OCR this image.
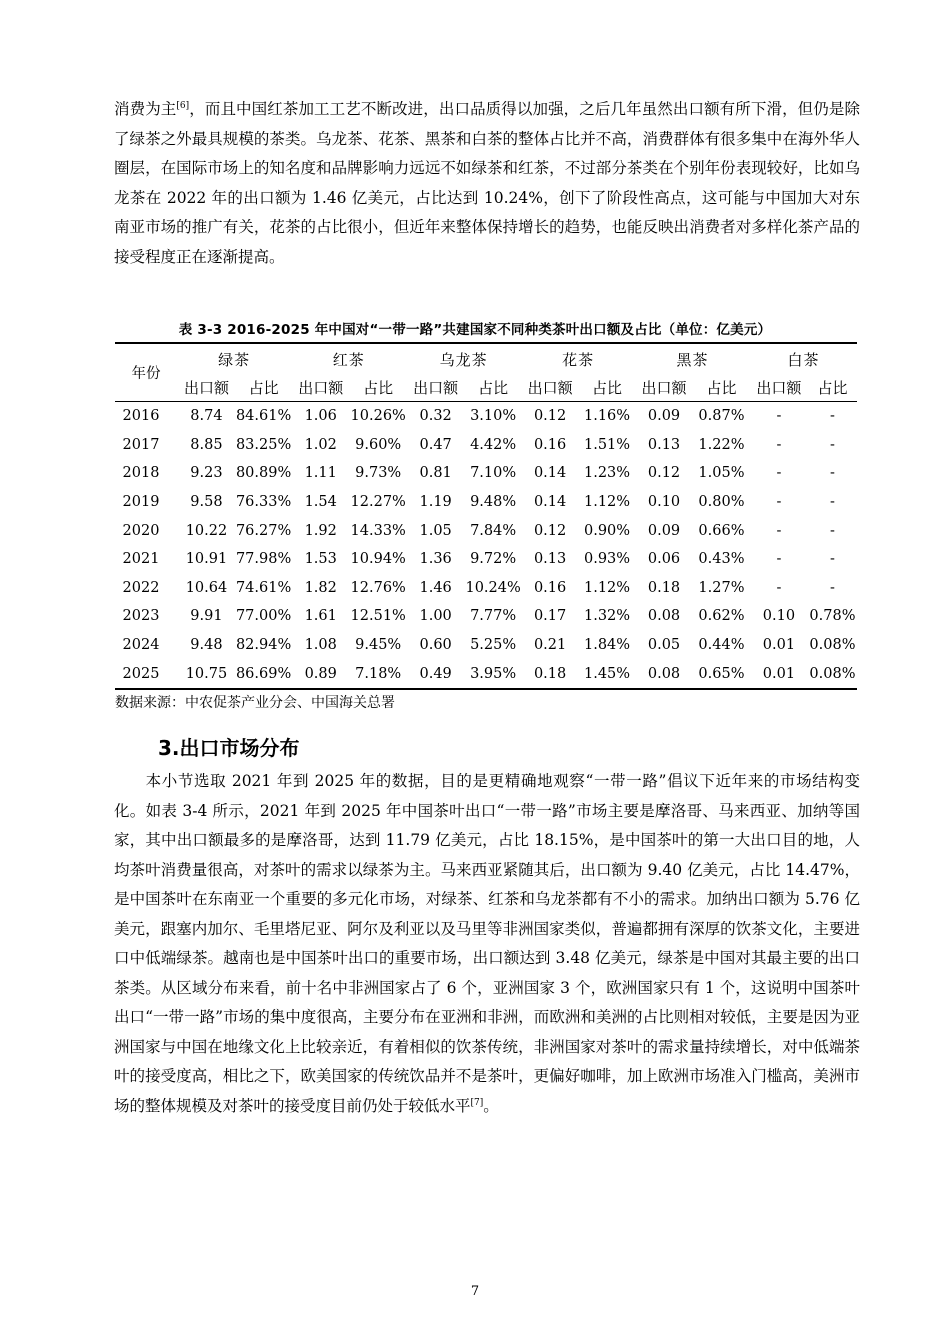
消费为主[6]，而且中国红茶加工工艺不断改进，出口品质得以加强，之后几年虽然出口额有所下滑，但仍是除了绿茶之外最具规模的茶类。乌龙茶、花茶、黑茶和白茶的整体占比并不高，消费群体有很多集中在海外华人圈层，在国际市场上的知名度和品牌影响力远远不如绿茶和红茶，不过部分茶类在个别年份表现较好，比如乌龙茶在 2022 年的出口额为 1.46 亿美元，占比达到 10.24%，创下了阶段性高点，这可能与中国加大对东南亚市场的推广有关，花茶的占比很小，但近年来整体保持增长的趋势，也能反映出消费者对多样化茶产品的接受程度正在逐渐提高。

表 3-3 2016-2025 年中国对“一带一路”共建国家不同种类茶叶出口额及占比（单位：亿美元）
年份	绿茶		红茶		乌龙茶		花茶		黑茶		白茶	
	出口额	占比	出口额	占比	出口额	占比	出口额	占比	出口额	占比	出口额	占比
2016	8.74	84.61%	1.06	10.26%	0.32	3.10%	0.12	1.16%	0.09	0.87%	-	-
2017	8.85	83.25%	1.02	9.60%	0.47	4.42%	0.16	1.51%	0.13	1.22%	-	-
2018	9.23	80.89%	1.11	9.73%	0.81	7.10%	0.14	1.23%	0.12	1.05%	-	-
2019	9.58	76.33%	1.54	12.27%	1.19	9.48%	0.14	1.12%	0.10	0.80%	-	-
2020	10.22	76.27%	1.92	14.33%	1.05	7.84%	0.12	0.90%	0.09	0.66%	-	-
2021	10.91	77.98%	1.53	10.94%	1.36	9.72%	0.13	0.93%	0.06	0.43%	-	-
2022	10.64	74.61%	1.82	12.76%	1.46	10.24%	0.16	1.12%	0.18	1.27%	-	-
2023	9.91	77.00%	1.61	12.51%	1.00	7.77%	0.17	1.32%	0.08	0.62%	0.10	0.78%
2024	9.48	82.94%	1.08	9.45%	0.60	5.25%	0.21	1.84%	0.05	0.44%	0.01	0.08%
2025	10.75	86.69%	0.89	7.18%	0.49	3.95%	0.18	1.45%	0.08	0.65%	0.01	0.08%
数据来源：中农促茶产业分会、中国海关总署
3.出口市场分布

本小节选取 2021 年到 2025 年的数据，目的是更精确地观察“一带一路”倡议下近年来的市场结构变化。如表 3-4 所示，2021 年到 2025 年中国茶叶出口“一带一路”市场主要是摩洛哥、马来西亚、加纳等国家，其中出口额最多的是摩洛哥，达到 11.79 亿美元，占比 18.15%，是中国茶叶的第一大出口目的地，人均茶叶消费量很高，对茶叶的需求以绿茶为主。马来西亚紧随其后，出口额为 9.40 亿美元，占比 14.47%，是中国茶叶在东南亚一个重要的多元化市场，对绿茶、红茶和乌龙茶都有不小的需求。加纳出口额为 5.76 亿美元，跟塞内加尔、毛里塔尼亚、阿尔及利亚以及马里等非洲国家类似，普遍都拥有深厚的饮茶文化，主要进口中低端绿茶。越南也是中国茶叶出口的重要市场，出口额达到 3.48 亿美元，绿茶是中国对其最主要的出口茶类。从区域分布来看，前十名中非洲国家占了 6 个，亚洲国家 3 个，欧洲国家只有 1 个，这说明中国茶叶出口“一带一路”市场的集中度很高，主要分布在亚洲和非洲，而欧洲和美洲的占比则相对较低，主要是因为亚洲国家与中国在地缘文化上比较亲近，有着相似的饮茶传统，非洲国家对茶叶的需求量持续增长，对中低端茶叶的接受度高，相比之下，欧美国家的传统饮品并不是茶叶，更偏好咖啡，加上欧洲市场准入门槛高，美洲市场的整体规模及对茶叶的接受度目前仍处于较低水平[7]。

7
